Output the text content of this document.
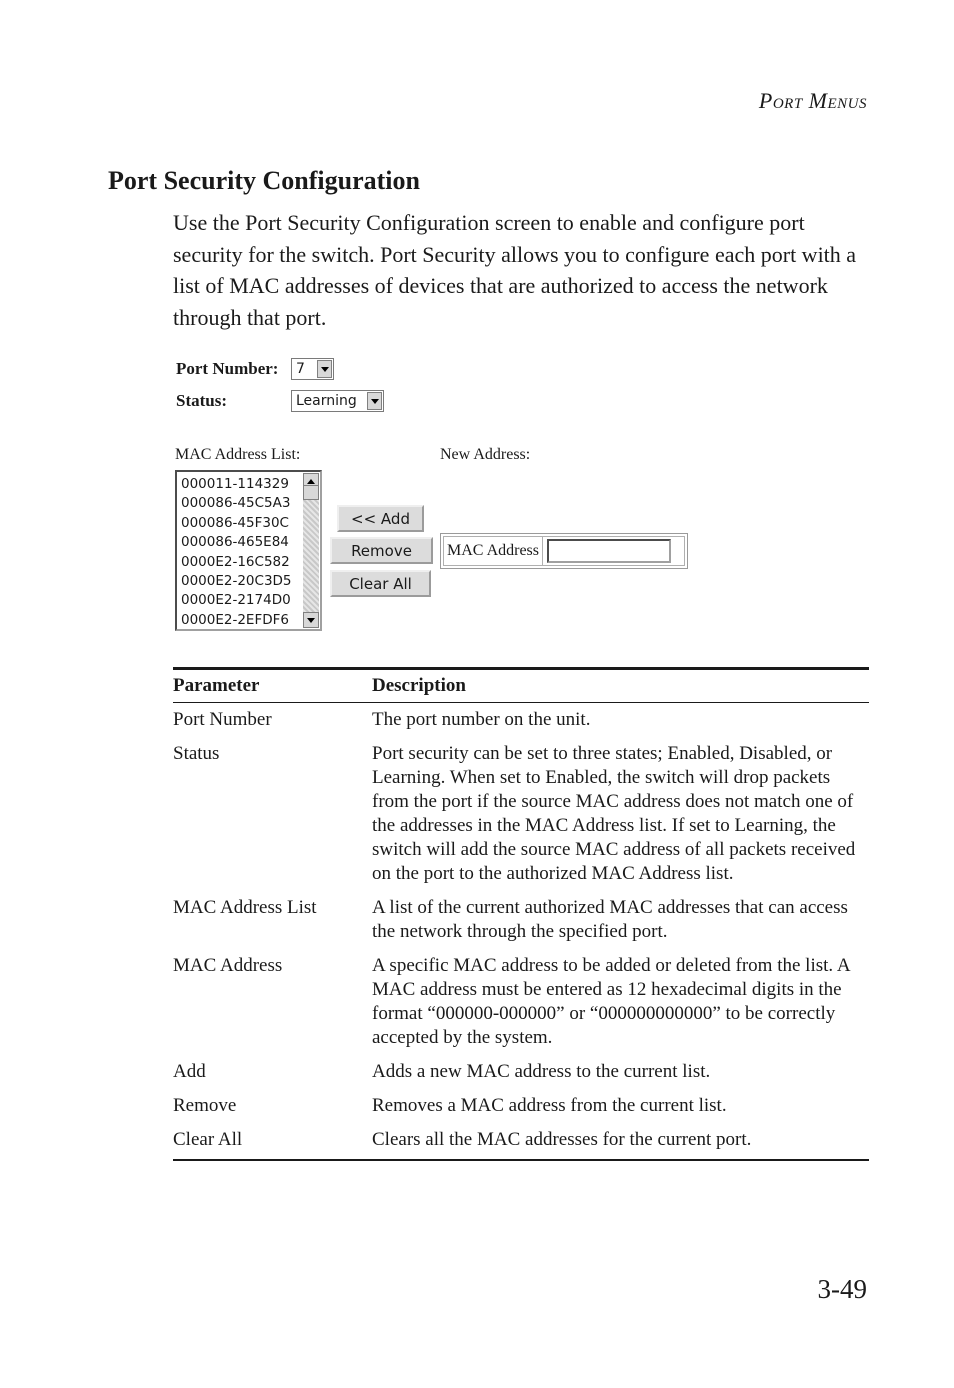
Port Menus
Port Security Configuration

Use the Port Security Configuration screen to enable and configure port security for the switch. Port Security allows you to configure each port with a list of MAC addresses of devices that are authorized to access the network through that port.

Port Number:	7
Status:	Learning
MAC Address List:	New Address:
000011-114329
000086-45C5A3
000086-45F30C
000086-465E84
0000E2-16C582
0000E2-20C3D5
0000E2-2174D0
0000E2-2EFDF6
<< Add
Remove
Clear All
MAC Address
Parameter	Description
Port Number	The port number on the unit.
Status	Port security can be set to three states; Enabled, Disabled, or Learning. When set to Enabled, the switch will drop packets from the port if the source MAC address does not match one of the addresses in the MAC Address list. If set to Learning, the switch will add the source MAC address of all packets received on the port to the authorized MAC Address list.
MAC Address List	A list of the current authorized MAC addresses that can access the network through the specified port.
MAC Address	A specific MAC address to be added or deleted from the list. A MAC address must be entered as 12 hexadecimal digits in the format “000000-000000” or “000000000000” to be correctly accepted by the system.
Add	Adds a new MAC address to the current list.
Remove	Removes a MAC address from the current list.
Clear All	Clears all the MAC addresses for the current port.
3-49
